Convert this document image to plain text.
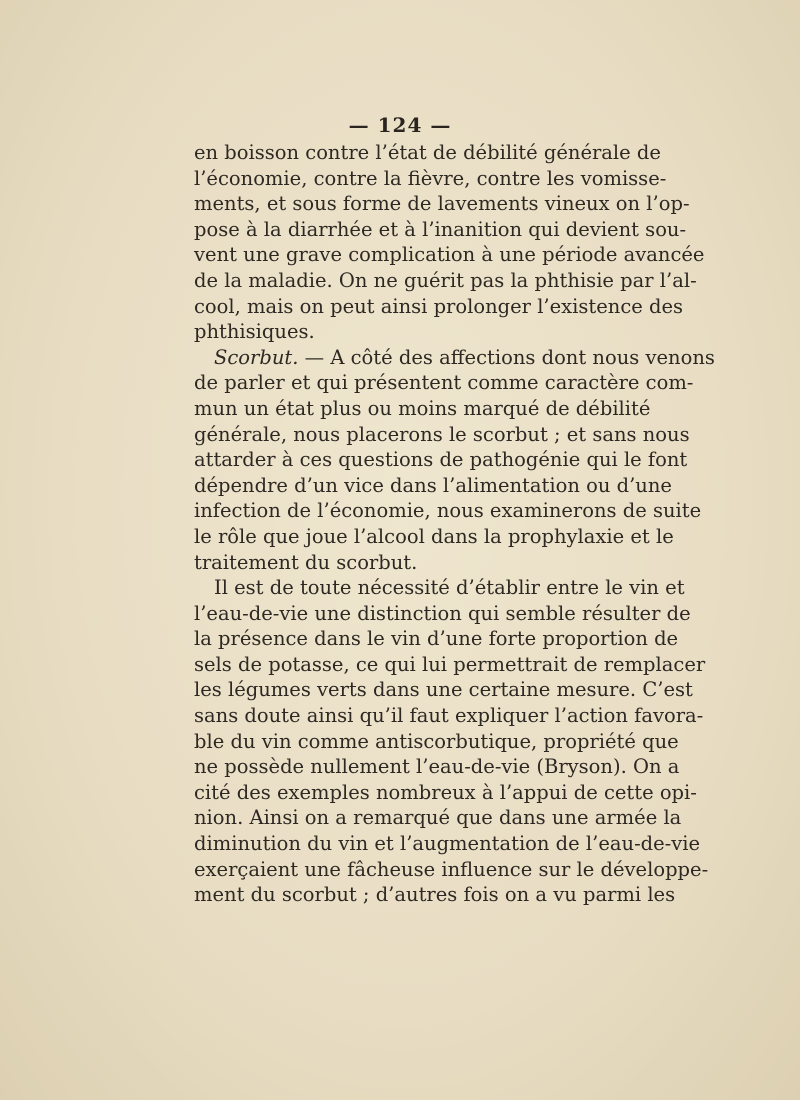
— 124 —
en boisson contre l’état de débilité générale de
l’économie, contre la fièvre, contre les vomisse-
ments, et sous forme de lavements vineux on l’op-
pose à la diarrhée et à l’inanition qui devient sou-
vent une grave complication à une période avancée
de la maladie. On ne guérit pas la phthisie par l’al-
cool, mais on peut ainsi prolonger l’existence des
phthisiques.
Scorbut. — A côté des affections dont nous venons
de parler et qui présentent comme caractère com-
mun un état plus ou moins marqué de débilité
générale, nous placerons le scorbut ; et sans nous
attarder à ces questions de pathogénie qui le font
dépendre d’un vice dans l’alimentation ou d’une
infection de l’économie, nous examinerons de suite
le rôle que joue l’alcool dans la prophylaxie et le
traitement du scorbut.
Il est de toute nécessité d’établir entre le vin et
l’eau-de-vie une distinction qui semble résulter de
la présence dans le vin d’une forte proportion de
sels de potasse, ce qui lui permettrait de remplacer
les légumes verts dans une certaine mesure. C’est
sans doute ainsi qu’il faut expliquer l’action favora-
ble du vin comme antiscorbutique, propriété que
ne possède nullement l’eau-de-vie (Bryson). On a
cité des exemples nombreux à l’appui de cette opi-
nion. Ainsi on a remarqué que dans une armée la
diminution du vin et l’augmentation de l’eau-de-vie
exerçaient une fâcheuse influence sur le développe-
ment du scorbut ; d’autres fois on a vu parmi les
